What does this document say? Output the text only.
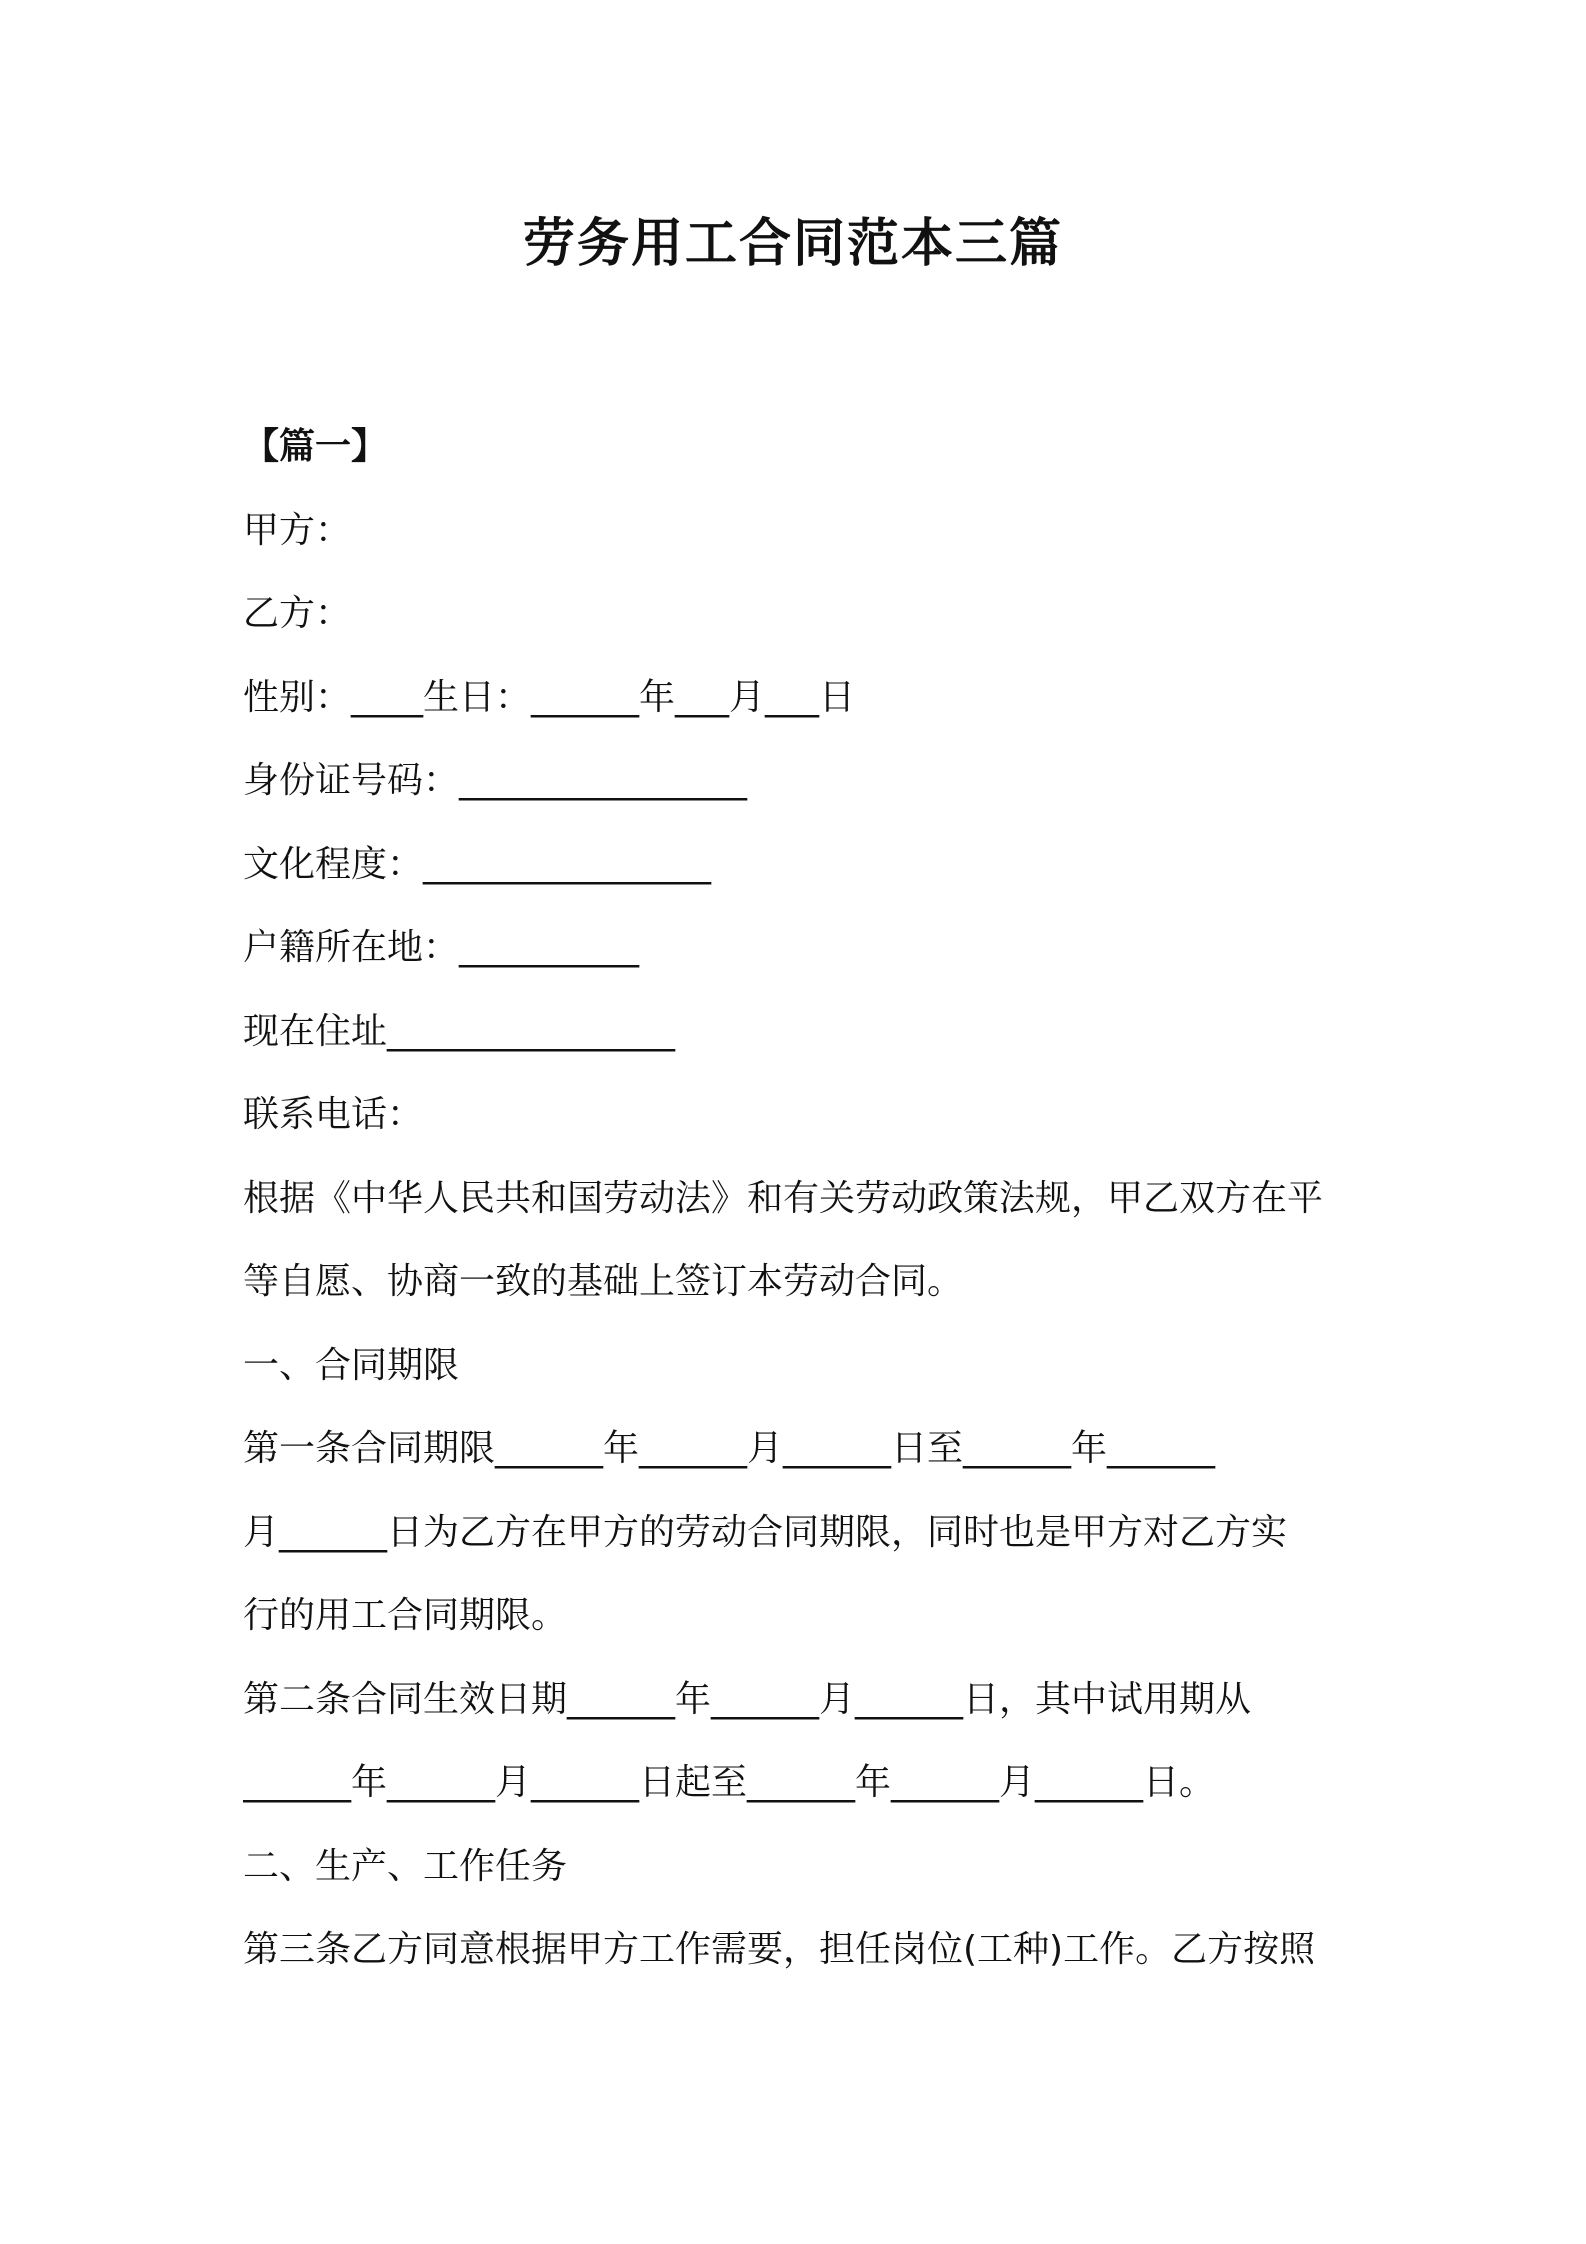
劳务用工合同范本三篇
【篇一】
甲方：
乙方：
性别：____生日：______年___月___日
身份证号码：________________
文化程度：________________
户籍所在地：__________
现在住址________________
联系电话：
根据《中华人民共和国劳动法》和有关劳动政策法规，甲乙双方在平
等自愿、协商一致的基础上签订本劳动合同。
一、合同期限
第一条合同期限______年______月______日至______年______
月______日为乙方在甲方的劳动合同期限，同时也是甲方对乙方实
行的用工合同期限。
第二条合同生效日期______年______月______日，其中试用期从
______年______月______日起至______年______月______日。
二、生产、工作任务
第三条乙方同意根据甲方工作需要，担任岗位(工种)工作。乙方按照
